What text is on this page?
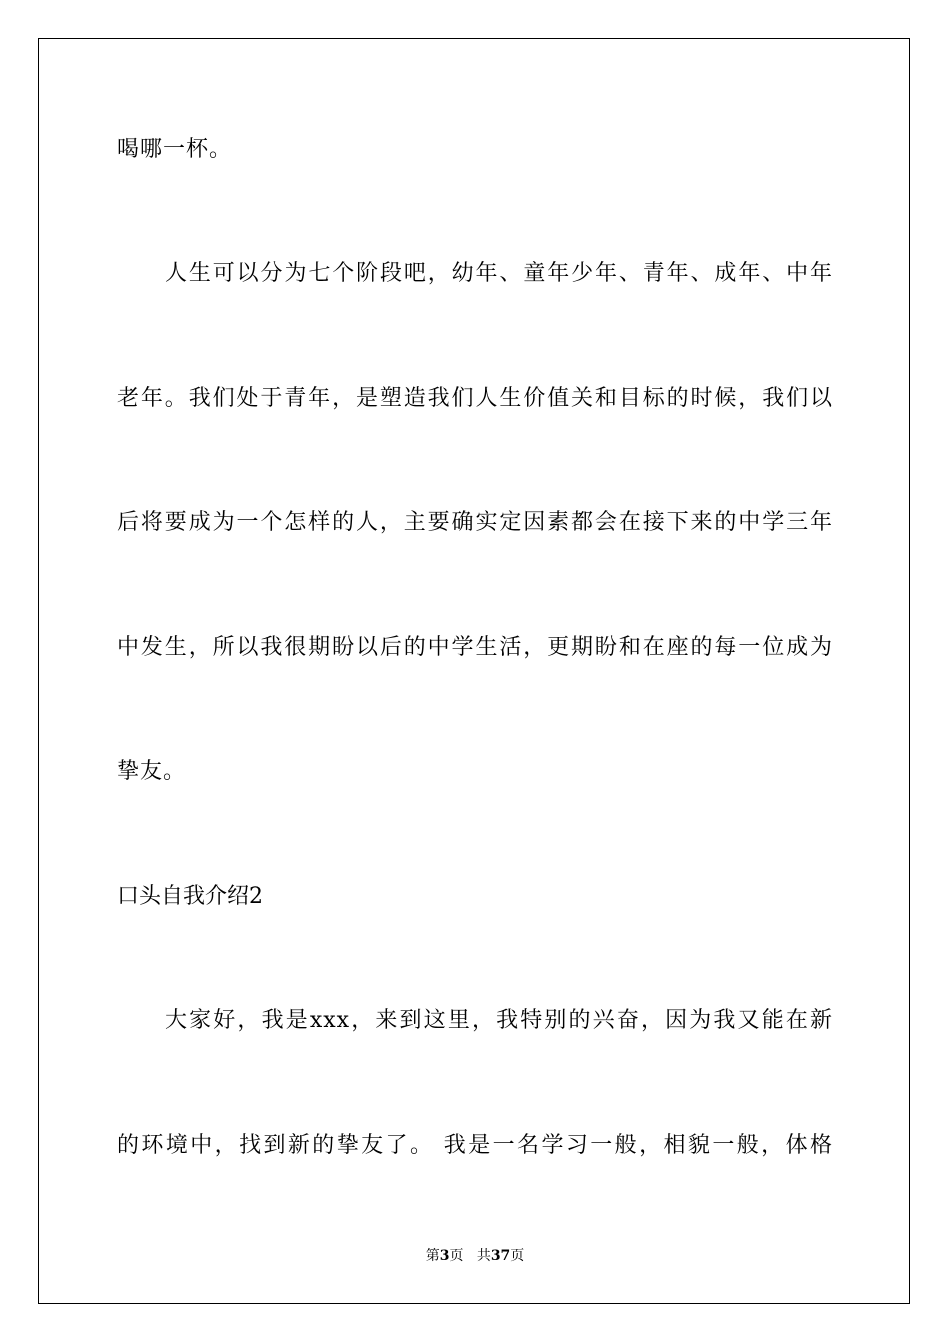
喝哪一杯。
人生可以分为七个阶段吧，幼年、童年少年、青年、成年、中年
老年。我们处于青年，是塑造我们人生价值关和目标的时候，我们以
后将要成为一个怎样的人，主要确实定因素都会在接下来的中学三年
中发生，所以我很期盼以后的中学生活，更期盼和在座的每一位成为
挚友。
口头自我介绍2
大家好，我是xxx，来到这里，我特别的兴奋，因为我又能在新
的环境中，找到新的挚友了。 我是一名学习一般，相貌一般，体格
第3页 共37页
